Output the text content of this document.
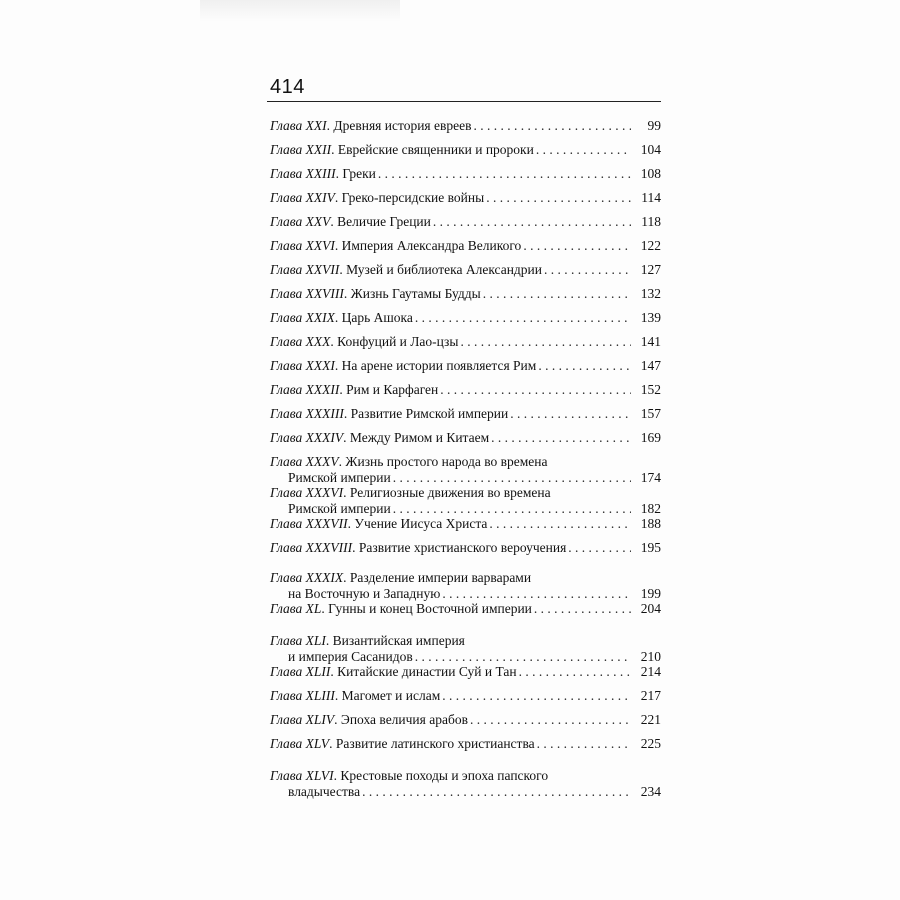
414
Глава XXI . Древняя история евреев . . .	99
Глава XXII . Еврейские священники и пророки . . .	104
Глава XXIII . Греки . . .	108
Глава XXIV . Греко-персидские войны . . .	114
Глава XXV . Величие Греции . . .	118
Глава XXVI . Империя Александра Великого . . .	122
Глава XXVII . Музей и библиотека Александрии . . .	127
Глава XXVIII . Жизнь Гаутамы Будды . . .	132
Глава XXIX . Царь Ашока . . .	139
Глава XXX . Конфуций и Лао-цзы . . .	141
Глава XXXI . На арене истории появляется Рим . . .	147
Глава XXXII . Рим и Карфаген . . .	152
Глава XXXIII . Развитие Римской империи . . .	157
Глава XXXIV . Между Римом и Китаем . . .	169
Глава XXXV . Жизнь простого народа во времена
Римской империи . . .	174
Глава XXXVI . Религиозные движения во времена
Римской империи . . .	182
Глава XXXVII . Учение Иисуса Христа . . .	188
Глава XXXVIII . Развитие христианского вероучения . . .	195
Глава XXXIX . Разделение империи варварами
на Восточную и Западную . . .	199
Глава XL . Гунны и конец Восточной империи . . .	204
Глава XLI . Византийская империя
и империя Сасанидов . . .	210
Глава XLII . Китайские династии Суй и Тан . . .	214
Глава XLIII . Магомет и ислам . . .	217
Глава XLIV . Эпоха величия арабов . . .	221
Глава XLV . Развитие латинского христианства . . .	225
Глава XLVI . Крестовые походы и эпоха папского
владычества . . .	234
